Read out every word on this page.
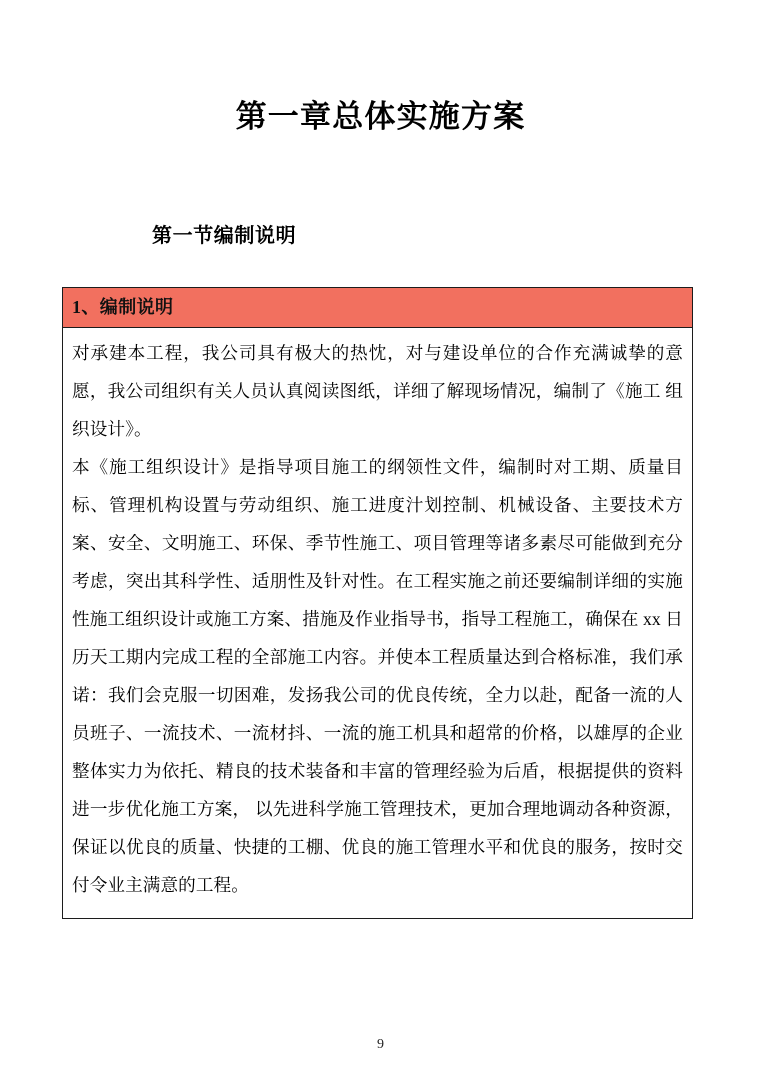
第一章总体实施方案
第一节编制说明
1、编制说明

对承建本工程，我公司具有极大的热忱，对与建设单位的合作充满诚挚的意愿，我公司组织有关人员认真阅读图纸，详细了解现场情况，编制了《施工 组织设计》。

本《施工组织设计》是指导项目施工的纲领性文件，编制时对工期、质量目标、管理机构设置与劳动组织、施工进度汁划控制、机械设备、主要技术方 案、安全、文明施工、环保、季节性施工、项目管理等诸多素尽可能做到充分 考虑，突出其科学性、适朋性及针对性。在工程实施之前还要编制详细的实施 性施工组织设计或施工方案、措施及作业指导书，指导工程施工，确保在 xx 日 历天工期内完成工程的全部施工内容。并使本工程质量达到合格标准，我们承 诺：我们会克服一切困难，发扬我公司的优良传统，全力以赴，配备一流的人 员班子、一流技术、一流材抖、一流的施工机具和超常的价格，以雄厚的企业 整体实力为依托、精良的技术装备和丰富的管理经验为后盾，根据提供的资料 进一步优化施工方案， 以先进科学施工管理技术，更加合理地调动各种资源， 保证以优良的质量、快捷的工棚、优良的施工管理水平和优良的服务，按时交 付令业主满意的工程。

9
